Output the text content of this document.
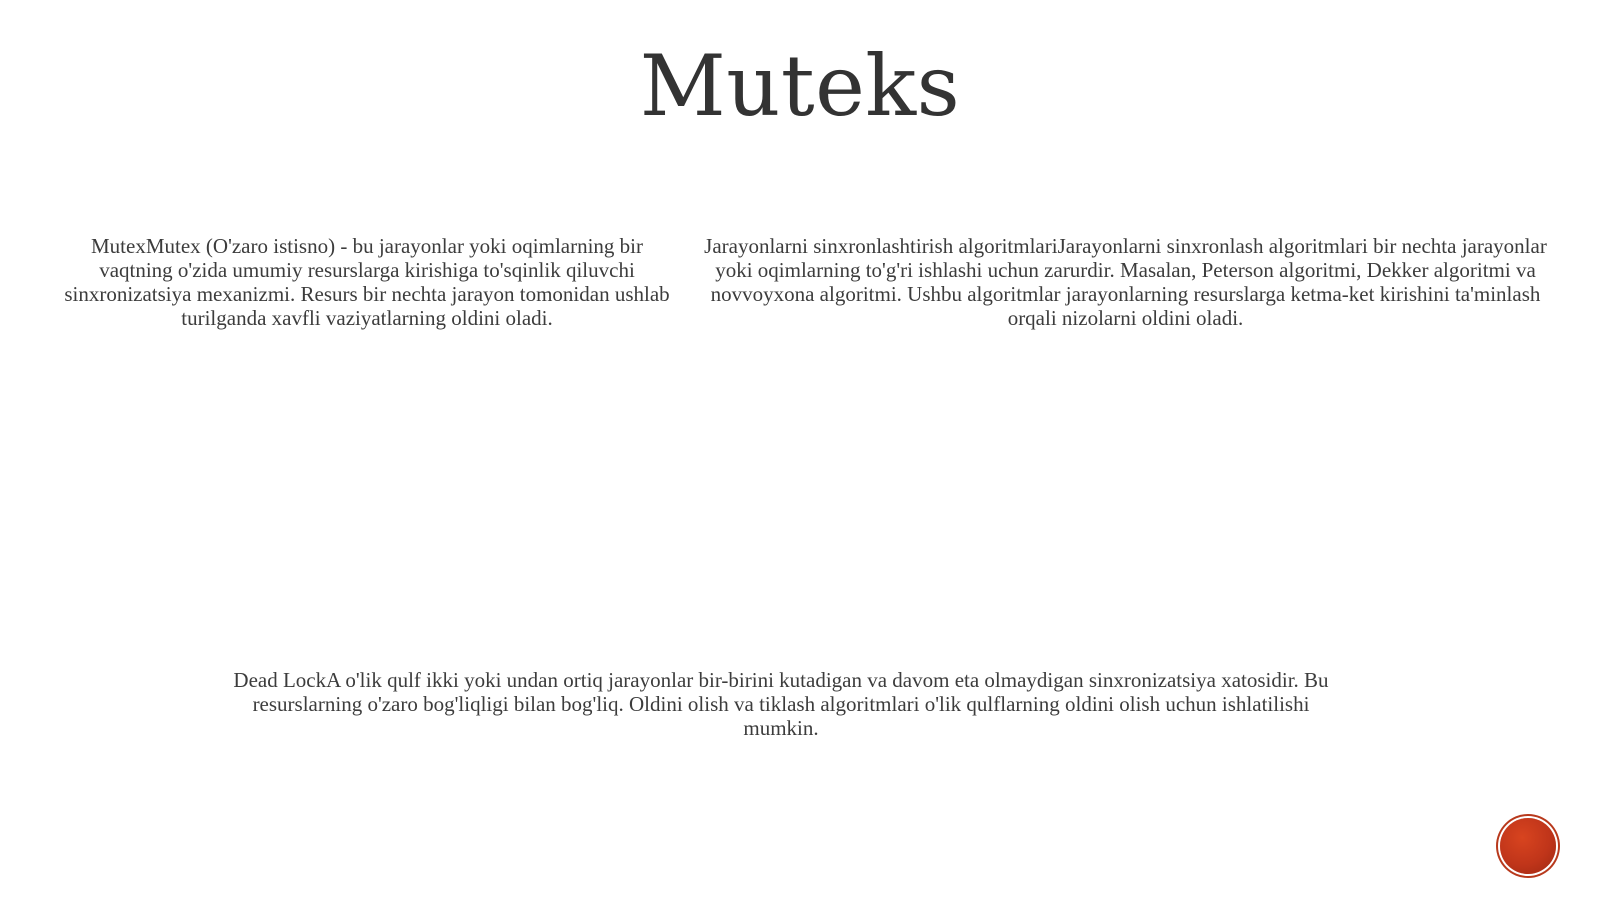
Muteks
MutexMutex (O'zaro istisno) - bu jarayonlar yoki oqimlarning bir vaqtning o'zida umumiy resurslarga kirishiga to'sqinlik qiluvchi sinxronizatsiya mexanizmi. Resurs bir nechta jarayon tomonidan ushlab turilganda xavfli vaziyatlarning oldini oladi.
Jarayonlarni sinxronlashtirish algoritmlariJarayonlarni sinxronlash algoritmlari bir nechta jarayonlar yoki oqimlarning to'g'ri ishlashi uchun zarurdir. Masalan, Peterson algoritmi, Dekker algoritmi va novvoyxona algoritmi. Ushbu algoritmlar jarayonlarning resurslarga ketma-ket kirishini ta'minlash orqali nizolarni oldini oladi.
Dead LockA o'lik qulf ikki yoki undan ortiq jarayonlar bir-birini kutadigan va davom eta olmaydigan sinxronizatsiya xatosidir. Bu resurslarning o'zaro bog'liqligi bilan bog'liq. Oldini olish va tiklash algoritmlari o'lik qulflarning oldini olish uchun ishlatilishi mumkin.
